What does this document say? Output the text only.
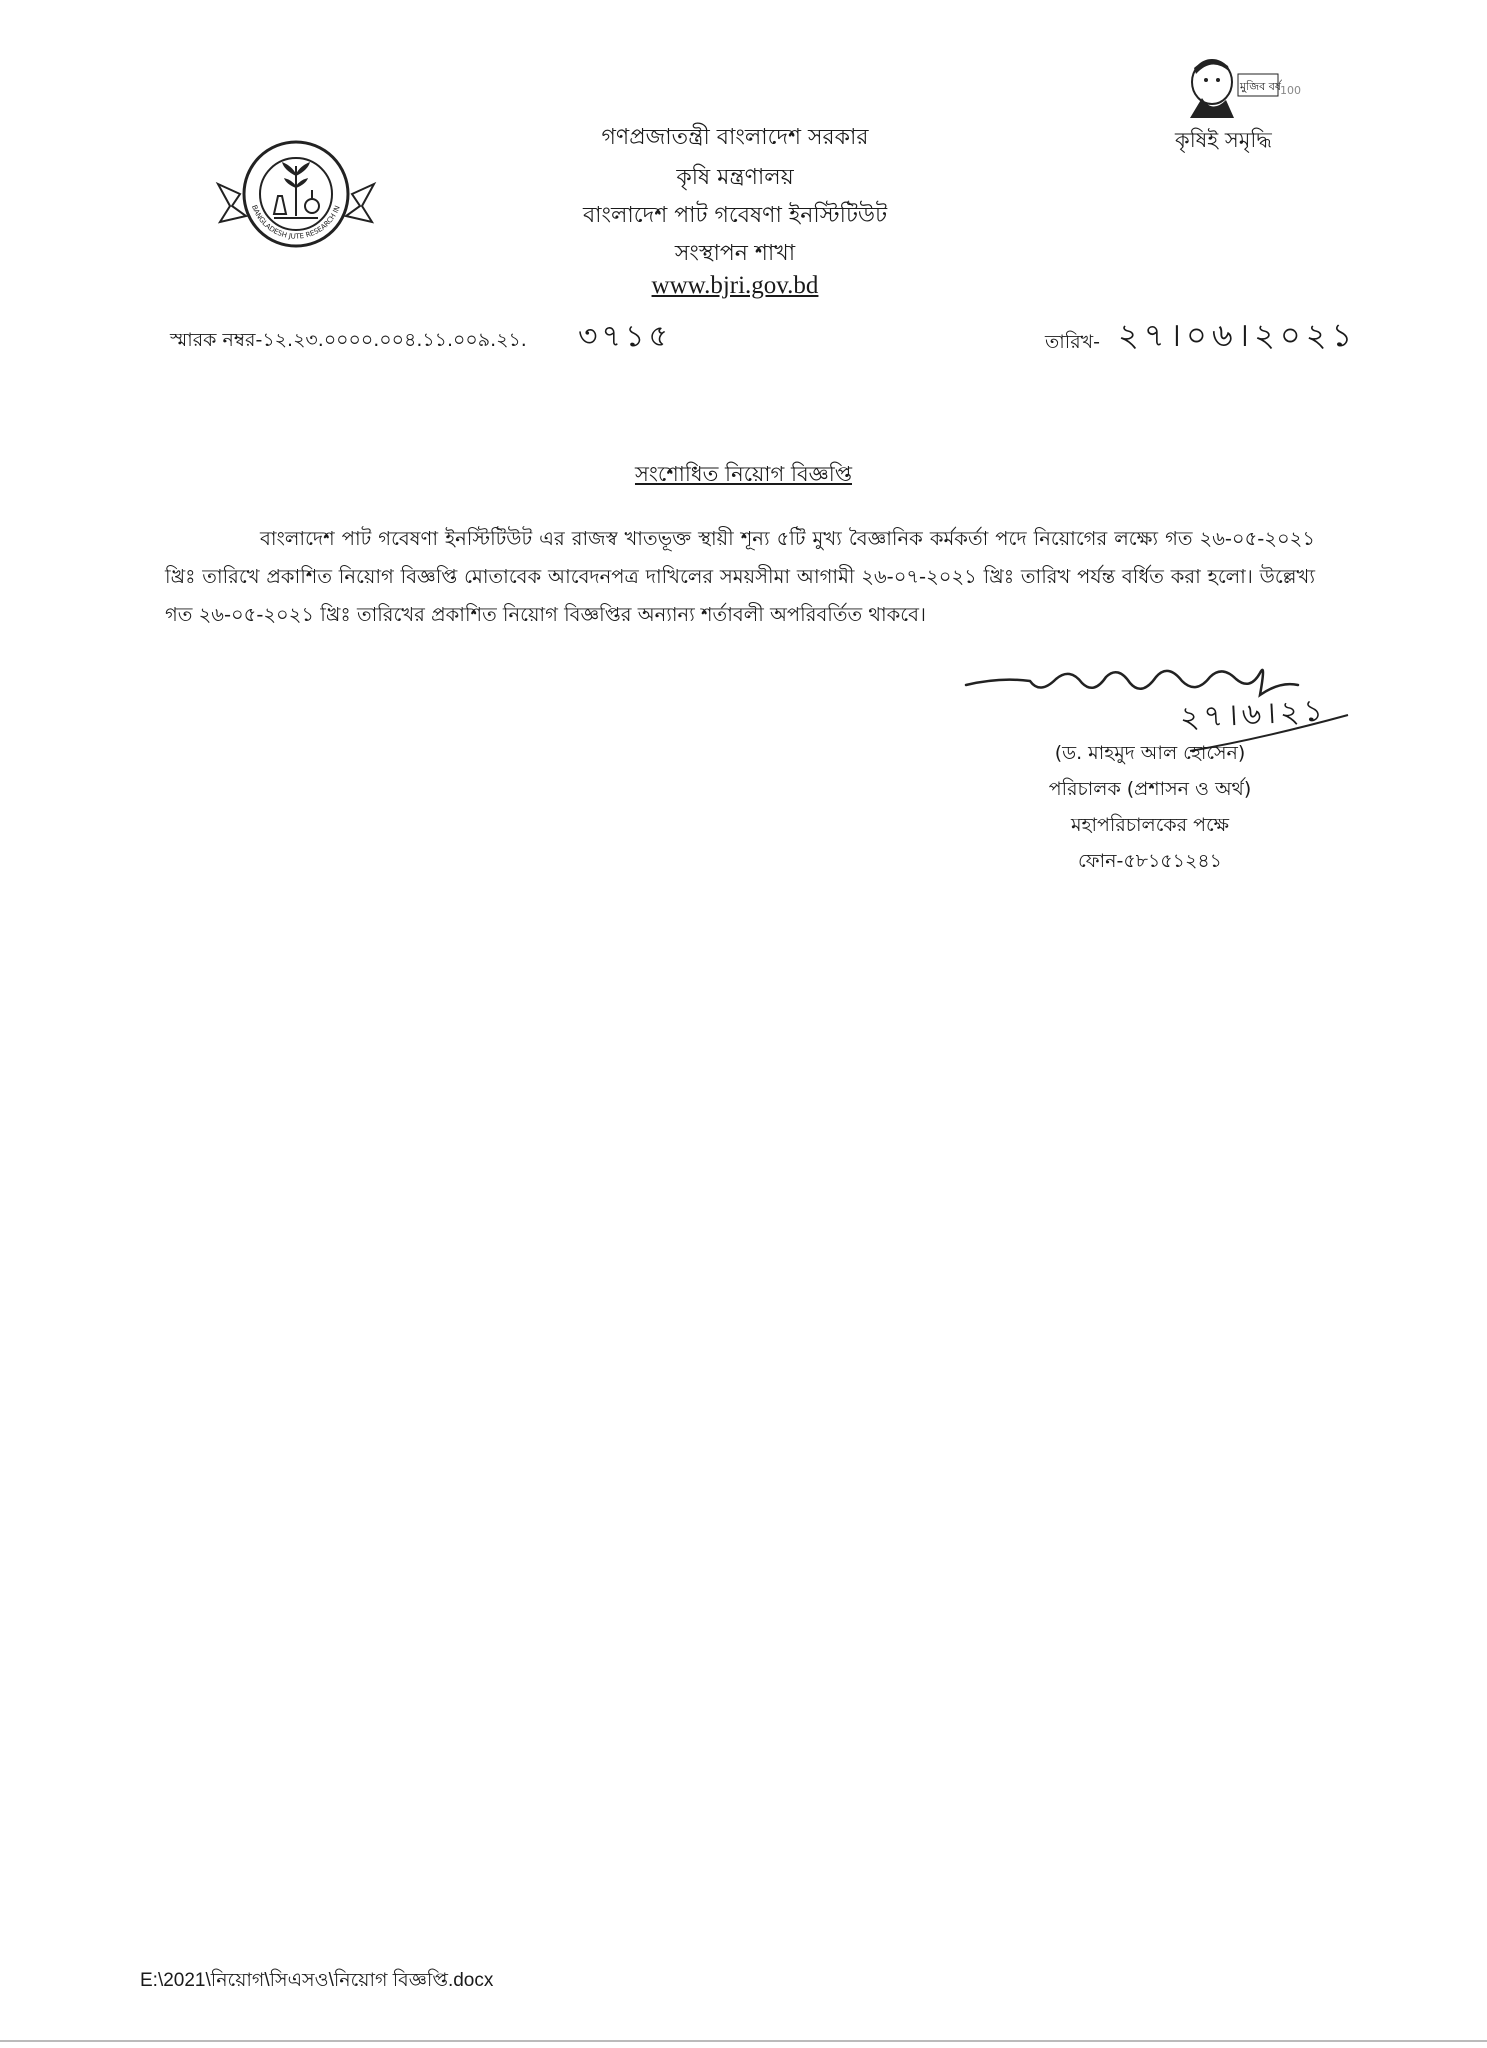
BANGLADESH JUTE RESEARCH IN
মুজিব বর্ষ 100
কৃষিই সমৃদ্ধি
গণপ্রজাতন্ত্রী বাংলাদেশ সরকার
কৃষি মন্ত্রণালয়
বাংলাদেশ পাট গবেষণা ইনস্টিটিউট
সংস্থাপন শাখা
www.bjri.gov.bd
স্মারক নম্বর-১২.২৩.০০০০.০০৪.১১.০০৯.২১. ৩৭১৫	তারিখ- ২৭।০৬।২০২১
সংশোধিত নিয়োগ বিজ্ঞপ্তি
বাংলাদেশ পাট গবেষণা ইনস্টিটিউট এর রাজস্ব খাতভূক্ত স্থায়ী শূন্য ৫টি মুখ্য বৈজ্ঞানিক কর্মকর্তা পদে নিয়োগের লক্ষ্যে গত ২৬-০৫-২০২১ খ্রিঃ তারিখে প্রকাশিত নিয়োগ বিজ্ঞপ্তি মোতাবেক আবেদনপত্র দাখিলের সময়সীমা আগামী ২৬-০৭-২০২১ খ্রিঃ তারিখ পর্যন্ত বর্ধিত করা হলো। উল্লেখ্য গত ২৬-০৫-২০২১ খ্রিঃ তারিখের প্রকাশিত নিয়োগ বিজ্ঞপ্তির অন্যান্য শর্তাবলী অপরিবর্তিত থাকবে।
২৭।৬।২১
(ড. মাহমুদ আল হোসেন)
পরিচালক (প্রশাসন ও অর্থ)
মহাপরিচালকের পক্ষে
ফোন-৫৮১৫১২৪১
E:\2021\নিয়োগ\সিএসও\নিয়োগ বিজ্ঞপ্তি.docx
